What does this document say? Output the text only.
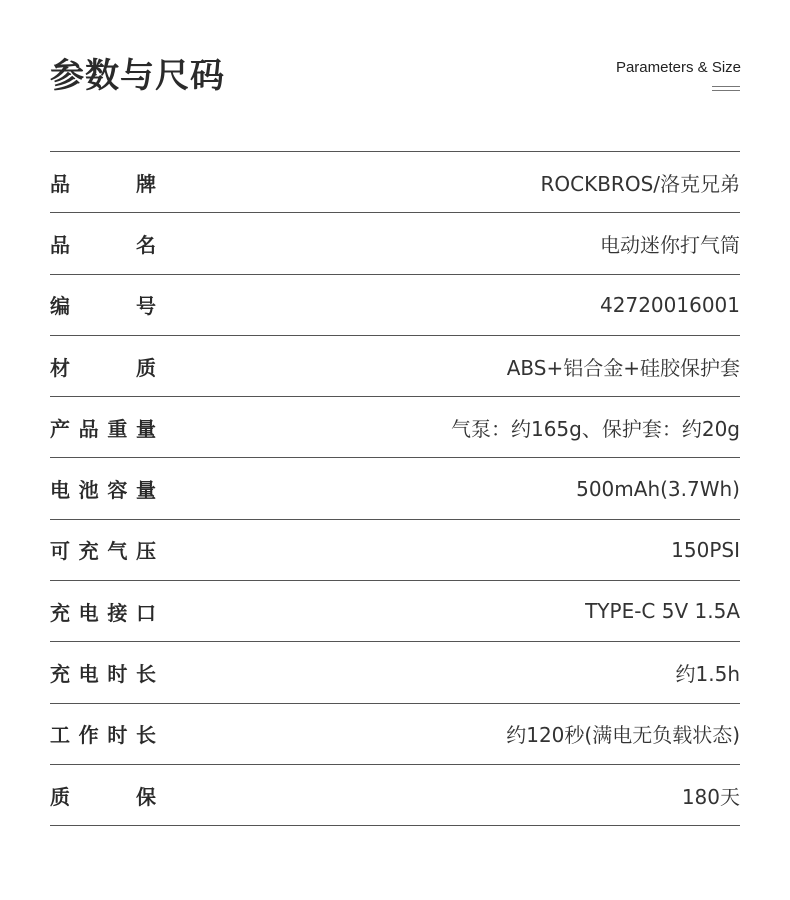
参数与尺码	Parameters & Size
品	牌	ROCKBROS/洛克兄弟
品	名	电动迷你打气筒
编	号	42720016001
材	质	ABS+铝合金+硅胶保护套
产 品 重 量	气泵：约165g、保护套：约20g
电 池 容 量	500mAh(3.7Wh)
可 充 气 压	150PSI
充 电 接 口	TYPE-C 5V 1.5A
充 电 时 长	约1.5h
工 作 时 长	约120秒(满电无负载状态)
质	保	180天
